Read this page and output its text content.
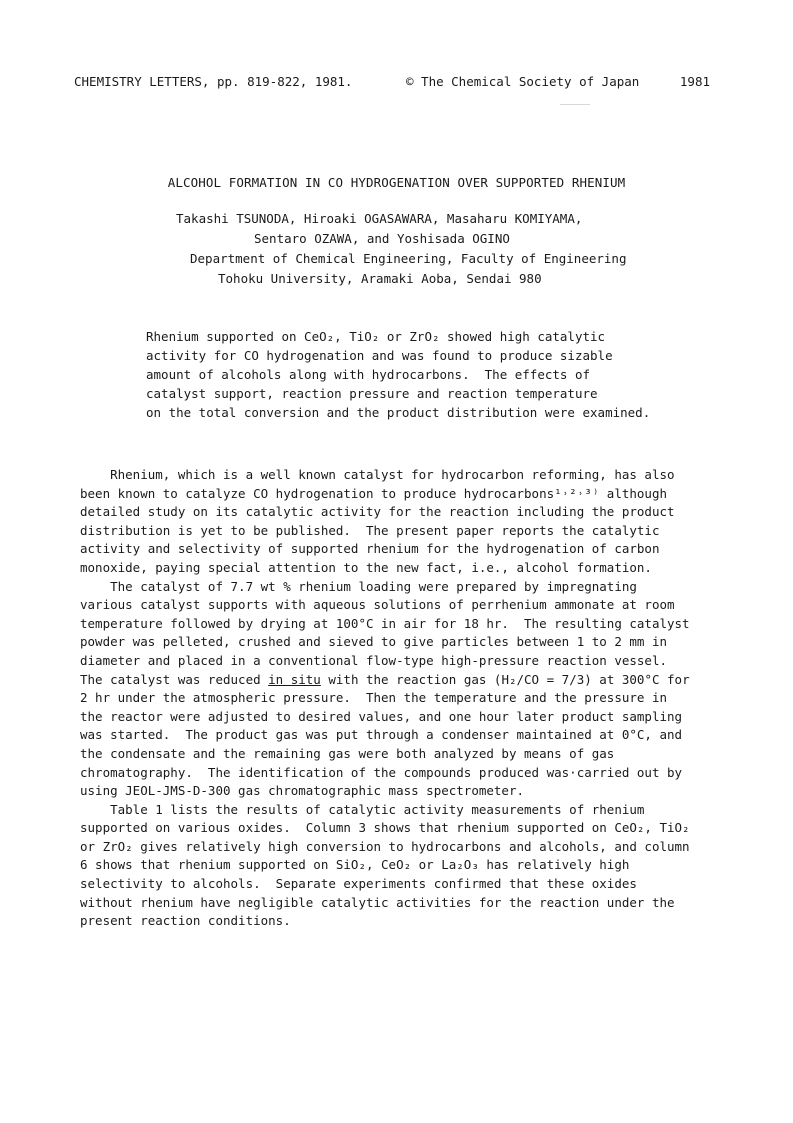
CHEMISTRY LETTERS, pp. 819-822, 1981.	© The Chemical Society of Japan	1981
ALCOHOL FORMATION IN CO HYDROGENATION OVER SUPPORTED RHENIUM
Takashi TSUNODA, Hiroaki OGASAWARA, Masaharu KOMIYAMA,
Sentaro OZAWA, and Yoshisada OGINO
Department of Chemical Engineering, Faculty of Engineering
Tohoku University, Aramaki Aoba, Sendai 980
Rhenium supported on CeO₂, TiO₂ or ZrO₂ showed high catalytic
activity for CO hydrogenation and was found to produce sizable
amount of alcohols along with hydrocarbons.  The effects of
catalyst support, reaction pressure and reaction temperature
on the total conversion and the product distribution were examined.
Rhenium, which is a well known catalyst for hydrocarbon reforming, has also
been known to catalyze CO hydrogenation to produce hydrocarbons¹˒²˒³⁾ although
detailed study on its catalytic activity for the reaction including the product
distribution is yet to be published.  The present paper reports the catalytic
activity and selectivity of supported rhenium for the hydrogenation of carbon
monoxide, paying special attention to the new fact, i.e., alcohol formation.
The catalyst of 7.7 wt % rhenium loading were prepared by impregnating
various catalyst supports with aqueous solutions of perrhenium ammonate at room
temperature followed by drying at 100°C in air for 18 hr.  The resulting catalyst
powder was pelleted, crushed and sieved to give particles between 1 to 2 mm in
diameter and placed in a conventional flow-type high-pressure reaction vessel.
The catalyst was reduced in situ with the reaction gas (H₂/CO = 7/3) at 300°C for
2 hr under the atmospheric pressure.  Then the temperature and the pressure in
the reactor were adjusted to desired values, and one hour later product sampling
was started.  The product gas was put through a condenser maintained at 0°C, and
the condensate and the remaining gas were both analyzed by means of gas
chromatography.  The identification of the compounds produced was·carried out by
using JEOL-JMS-D-300 gas chromatographic mass spectrometer.
Table 1 lists the results of catalytic activity measurements of rhenium
supported on various oxides.  Column 3 shows that rhenium supported on CeO₂, TiO₂
or ZrO₂ gives relatively high conversion to hydrocarbons and alcohols, and column
6 shows that rhenium supported on SiO₂, CeO₂ or La₂O₃ has relatively high
selectivity to alcohols.  Separate experiments confirmed that these oxides
without rhenium have negligible catalytic activities for the reaction under the
present reaction conditions.
